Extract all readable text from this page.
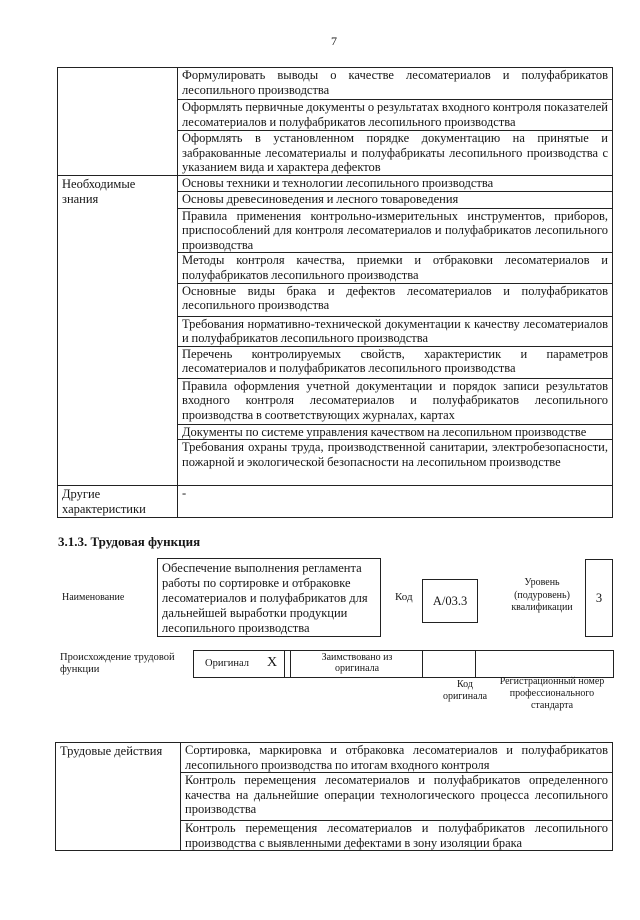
7
	Формулировать выводы о качестве лесоматериалов и полуфабрикатов лесопильного производства
	Оформлять первичные документы о результатах входного контроля показателей лесоматериалов и полуфабрикатов лесопильного производства
	Оформлять в установленном порядке документацию на принятые и забракованные лесоматериалы и полуфабрикаты лесопильного производства с указанием вида и характера дефектов
Необходимые знания	Основы техники и технологии лесопильного производства
	Основы древесиноведения и лесного товароведения
	Правила применения контрольно-измерительных инструментов, приборов, приспособлений для контроля лесоматериалов и полуфабрикатов лесопильного производства
	Методы контроля качества, приемки и отбраковки лесоматериалов и полуфабрикатов лесопильного производства
	Основные виды брака и дефектов лесоматериалов и полуфабрикатов лесопильного производства
	Требования нормативно-технической документации к качеству лесоматериалов и полуфабрикатов лесопильного производства
	Перечень контролируемых свойств, характеристик и параметров лесоматериалов и полуфабрикатов лесопильного производства
	Правила оформления учетной документации и порядок записи результатов входного контроля лесоматериалов и полуфабрикатов лесопильного производства в соответствующих журналах, картах
	Документы по системе управления качеством на лесопильном производстве
	Требования охраны труда, производственной санитарии, электробезопасности, пожарной и экологической безопасности на лесопильном производстве
Другие характеристики	-
3.1.3. Трудовая функция
Наименование
Обеспечение выполнения регламента работы по сортировке и отбраковке лесоматериалов и полуфабрикатов для дальнейшей выработки продукции лесопильного производства
Код	А/03.3
Уровень (подуровень) квалификации
3
Происхождение трудовой функции
Оригинал Х	Заимствовано из оригинала
Код оригинала
Регистрационный номер профессионального стандарта
Трудовые действия	Сортировка, маркировка и отбраковка лесоматериалов и полуфабрикатов лесопильного производства по итогам входного контроля
Контроль перемещения лесоматериалов и полуфабрикатов определенного качества на дальнейшие операции технологического процесса лесопильного производства
Контроль перемещения лесоматериалов и полуфабрикатов лесопильного производства с выявленными дефектами в зону изоляции брака
